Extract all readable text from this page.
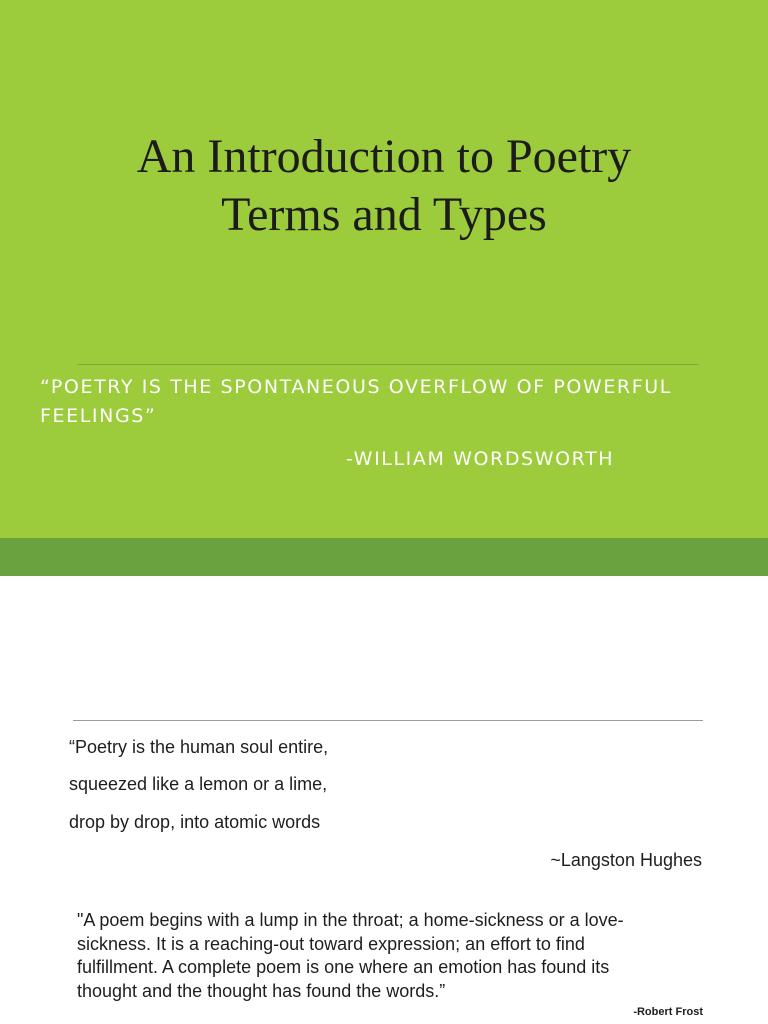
An Introduction to Poetry
Terms and Types
“POETRY IS THE SPONTANEOUS OVERFLOW OF POWERFUL
FEELINGS”
-WILLIAM WORDSWORTH
“Poetry is the human soul entire,
squeezed like a lemon or a lime,
drop by drop, into atomic words
~Langston Hughes
"A poem begins with a lump in the throat; a home-sickness or a love-
sickness. It is a reaching-out toward expression; an effort to find
fulfillment. A complete poem is one where an emotion has found its
thought and the thought has found the words.”
-Robert Frost
